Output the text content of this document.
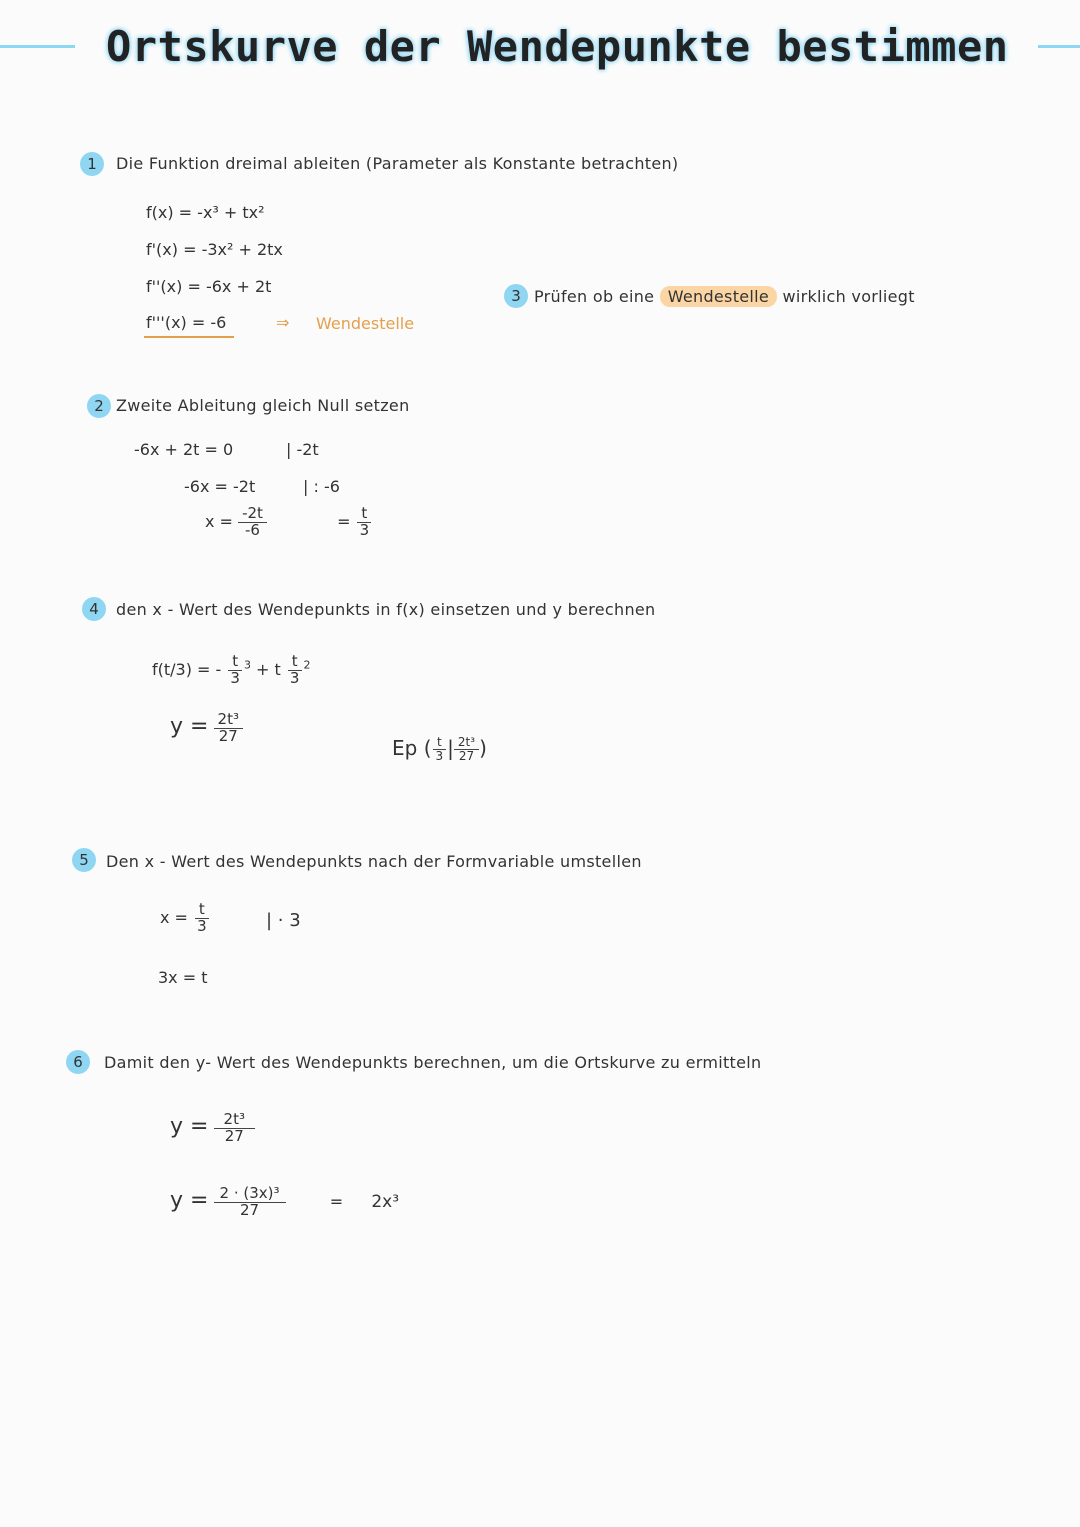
Ortskurve der Wendepunkte bestimmen
1	Die Funktion dreimal ableiten (Parameter als Konstante betrachten)
f(x) = -x³ + tx²
f'(x) = -3x² + 2tx
f''(x) = -6x + 2t
f'''(x) = -6	⇒ Wendestelle
3 Prüfen ob eine Wendestelle wirklich vorliegt
2 Zweite Ableitung gleich Null setzen
-6x + 2t = 0	| -2t
-6x = -2t	| : -6
$x = \frac{-2t}{-6}$	= $\frac{t}{3}$
4	den x - Wert des Wendepunkts in f(x) einsetzen und y berechnen
f(t/3) = - $\frac{t}{3} ^3 + t \frac{t}{3} ^2$
$y = \frac{\text{2t³}}{27}$
Ep ( $\frac{t}{3}$ | $\frac{\text{2t³}}{27}$ )
5	Den x - Wert des Wendepunkts nach der Formvariable umstellen
$x = \frac{t}{3}$	| · 3
3x = t
6	Damit den y- Wert des Wendepunkts berechnen, um die Ortskurve zu ermitteln
$y = \frac{\text{2t³}}{27}$
$y = \frac{\text{2 · (3x)³}}{27}$	= 2x³
